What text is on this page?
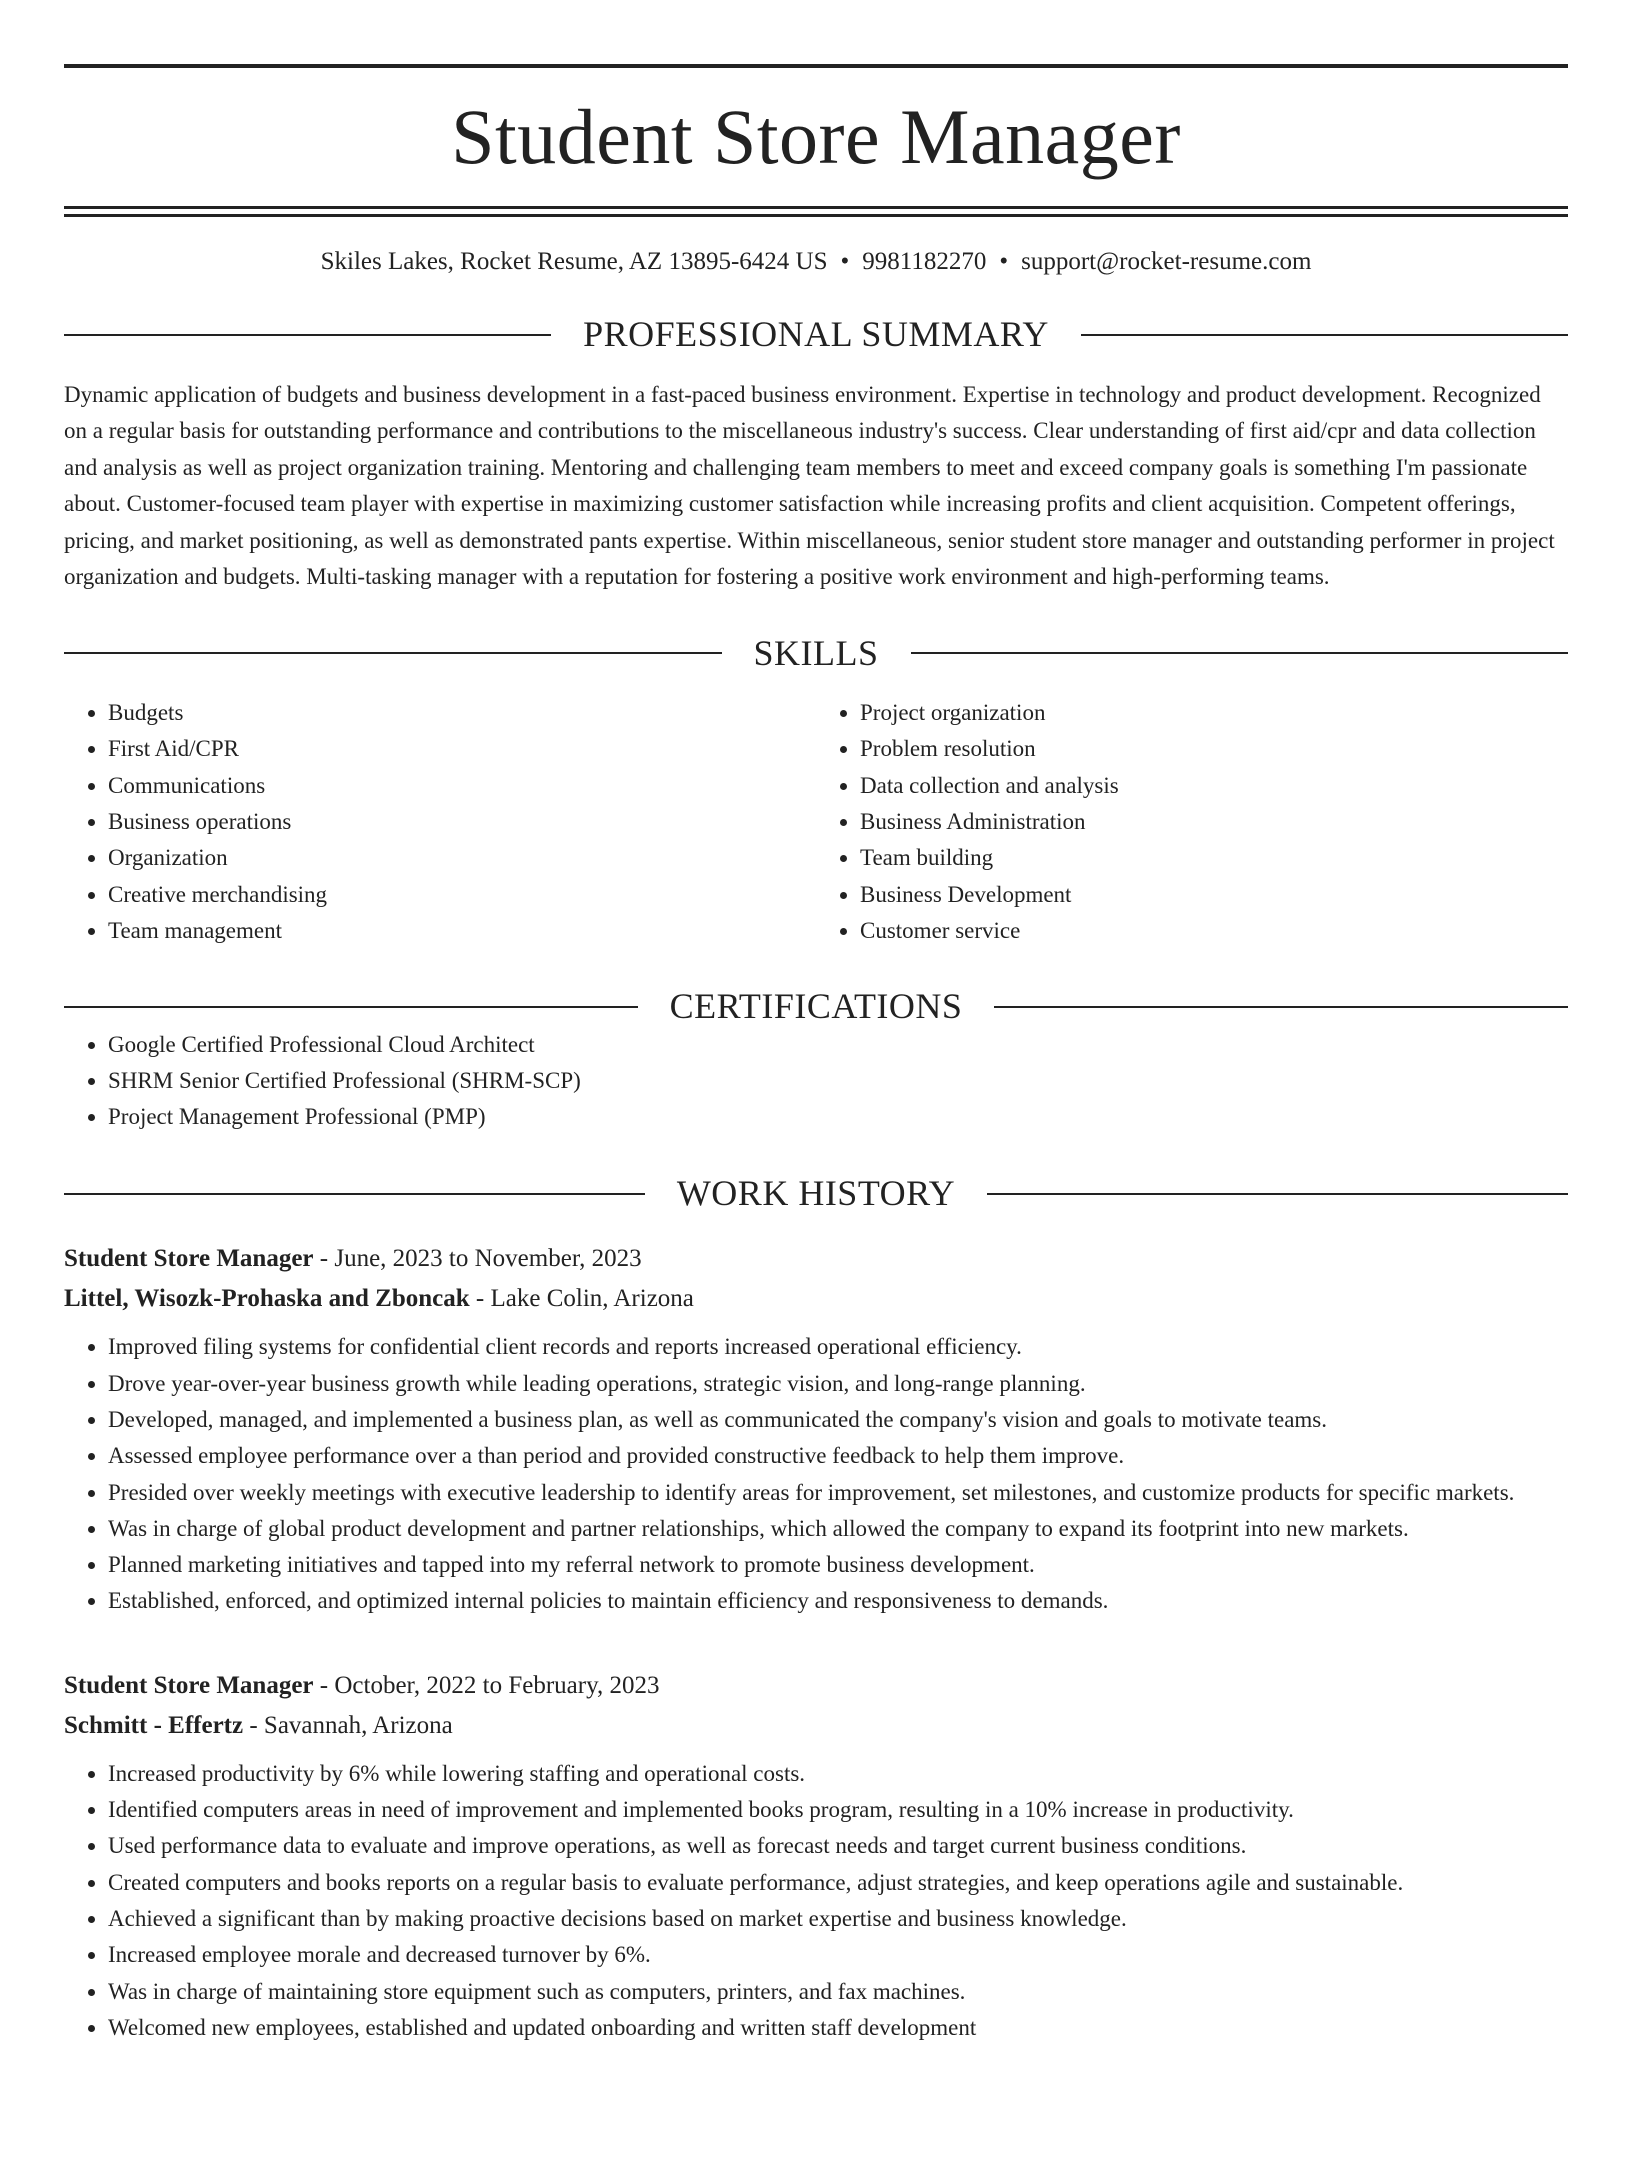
Student Store Manager
Skiles Lakes, Rocket Resume, AZ 13895-6424 US • 9981182270 • support@rocket-resume.com
PROFESSIONAL SUMMARY

Dynamic application of budgets and business development in a fast-paced business environment. Expertise in technology and product development. Recognized on a regular basis for outstanding performance and contributions to the miscellaneous industry's success. Clear understanding of first aid/cpr and data collection and analysis as well as project organization training. Mentoring and challenging team members to meet and exceed company goals is something I'm passionate about. Customer-focused team player with expertise in maximizing customer satisfaction while increasing profits and client acquisition. Competent offerings, pricing, and market positioning, as well as demonstrated pants expertise. Within miscellaneous, senior student store manager and outstanding performer in project organization and budgets. Multi-tasking manager with a reputation for fostering a positive work environment and high-performing teams.

SKILLS
• Budgets
• First Aid/CPR
• Communications
• Business operations
• Organization
• Creative merchandising
• Team management
• Project organization
• Problem resolution
• Data collection and analysis
• Business Administration
• Team building
• Business Development
• Customer service
CERTIFICATIONS
• Google Certified Professional Cloud Architect
• SHRM Senior Certified Professional (SHRM-SCP)
• Project Management Professional (PMP)
WORK HISTORY
Student Store Manager - June, 2023 to November, 2023
Littel, Wisozk-Prohaska and Zboncak - Lake Colin, Arizona
• Improved filing systems for confidential client records and reports increased operational efficiency.
• Drove year-over-year business growth while leading operations, strategic vision, and long-range planning.
• Developed, managed, and implemented a business plan, as well as communicated the company's vision and goals to motivate teams.
• Assessed employee performance over a than period and provided constructive feedback to help them improve.
• Presided over weekly meetings with executive leadership to identify areas for improvement, set milestones, and customize products for specific markets.
• Was in charge of global product development and partner relationships, which allowed the company to expand its footprint into new markets.
• Planned marketing initiatives and tapped into my referral network to promote business development.
• Established, enforced, and optimized internal policies to maintain efficiency and responsiveness to demands.
Student Store Manager - October, 2022 to February, 2023
Schmitt - Effertz - Savannah, Arizona
• Increased productivity by 6% while lowering staffing and operational costs.
• Identified computers areas in need of improvement and implemented books program, resulting in a 10% increase in productivity.
• Used performance data to evaluate and improve operations, as well as forecast needs and target current business conditions.
• Created computers and books reports on a regular basis to evaluate performance, adjust strategies, and keep operations agile and sustainable.
• Achieved a significant than by making proactive decisions based on market expertise and business knowledge.
• Increased employee morale and decreased turnover by 6%.
• Was in charge of maintaining store equipment such as computers, printers, and fax machines.
• Welcomed new employees, established and updated onboarding and written staff development
